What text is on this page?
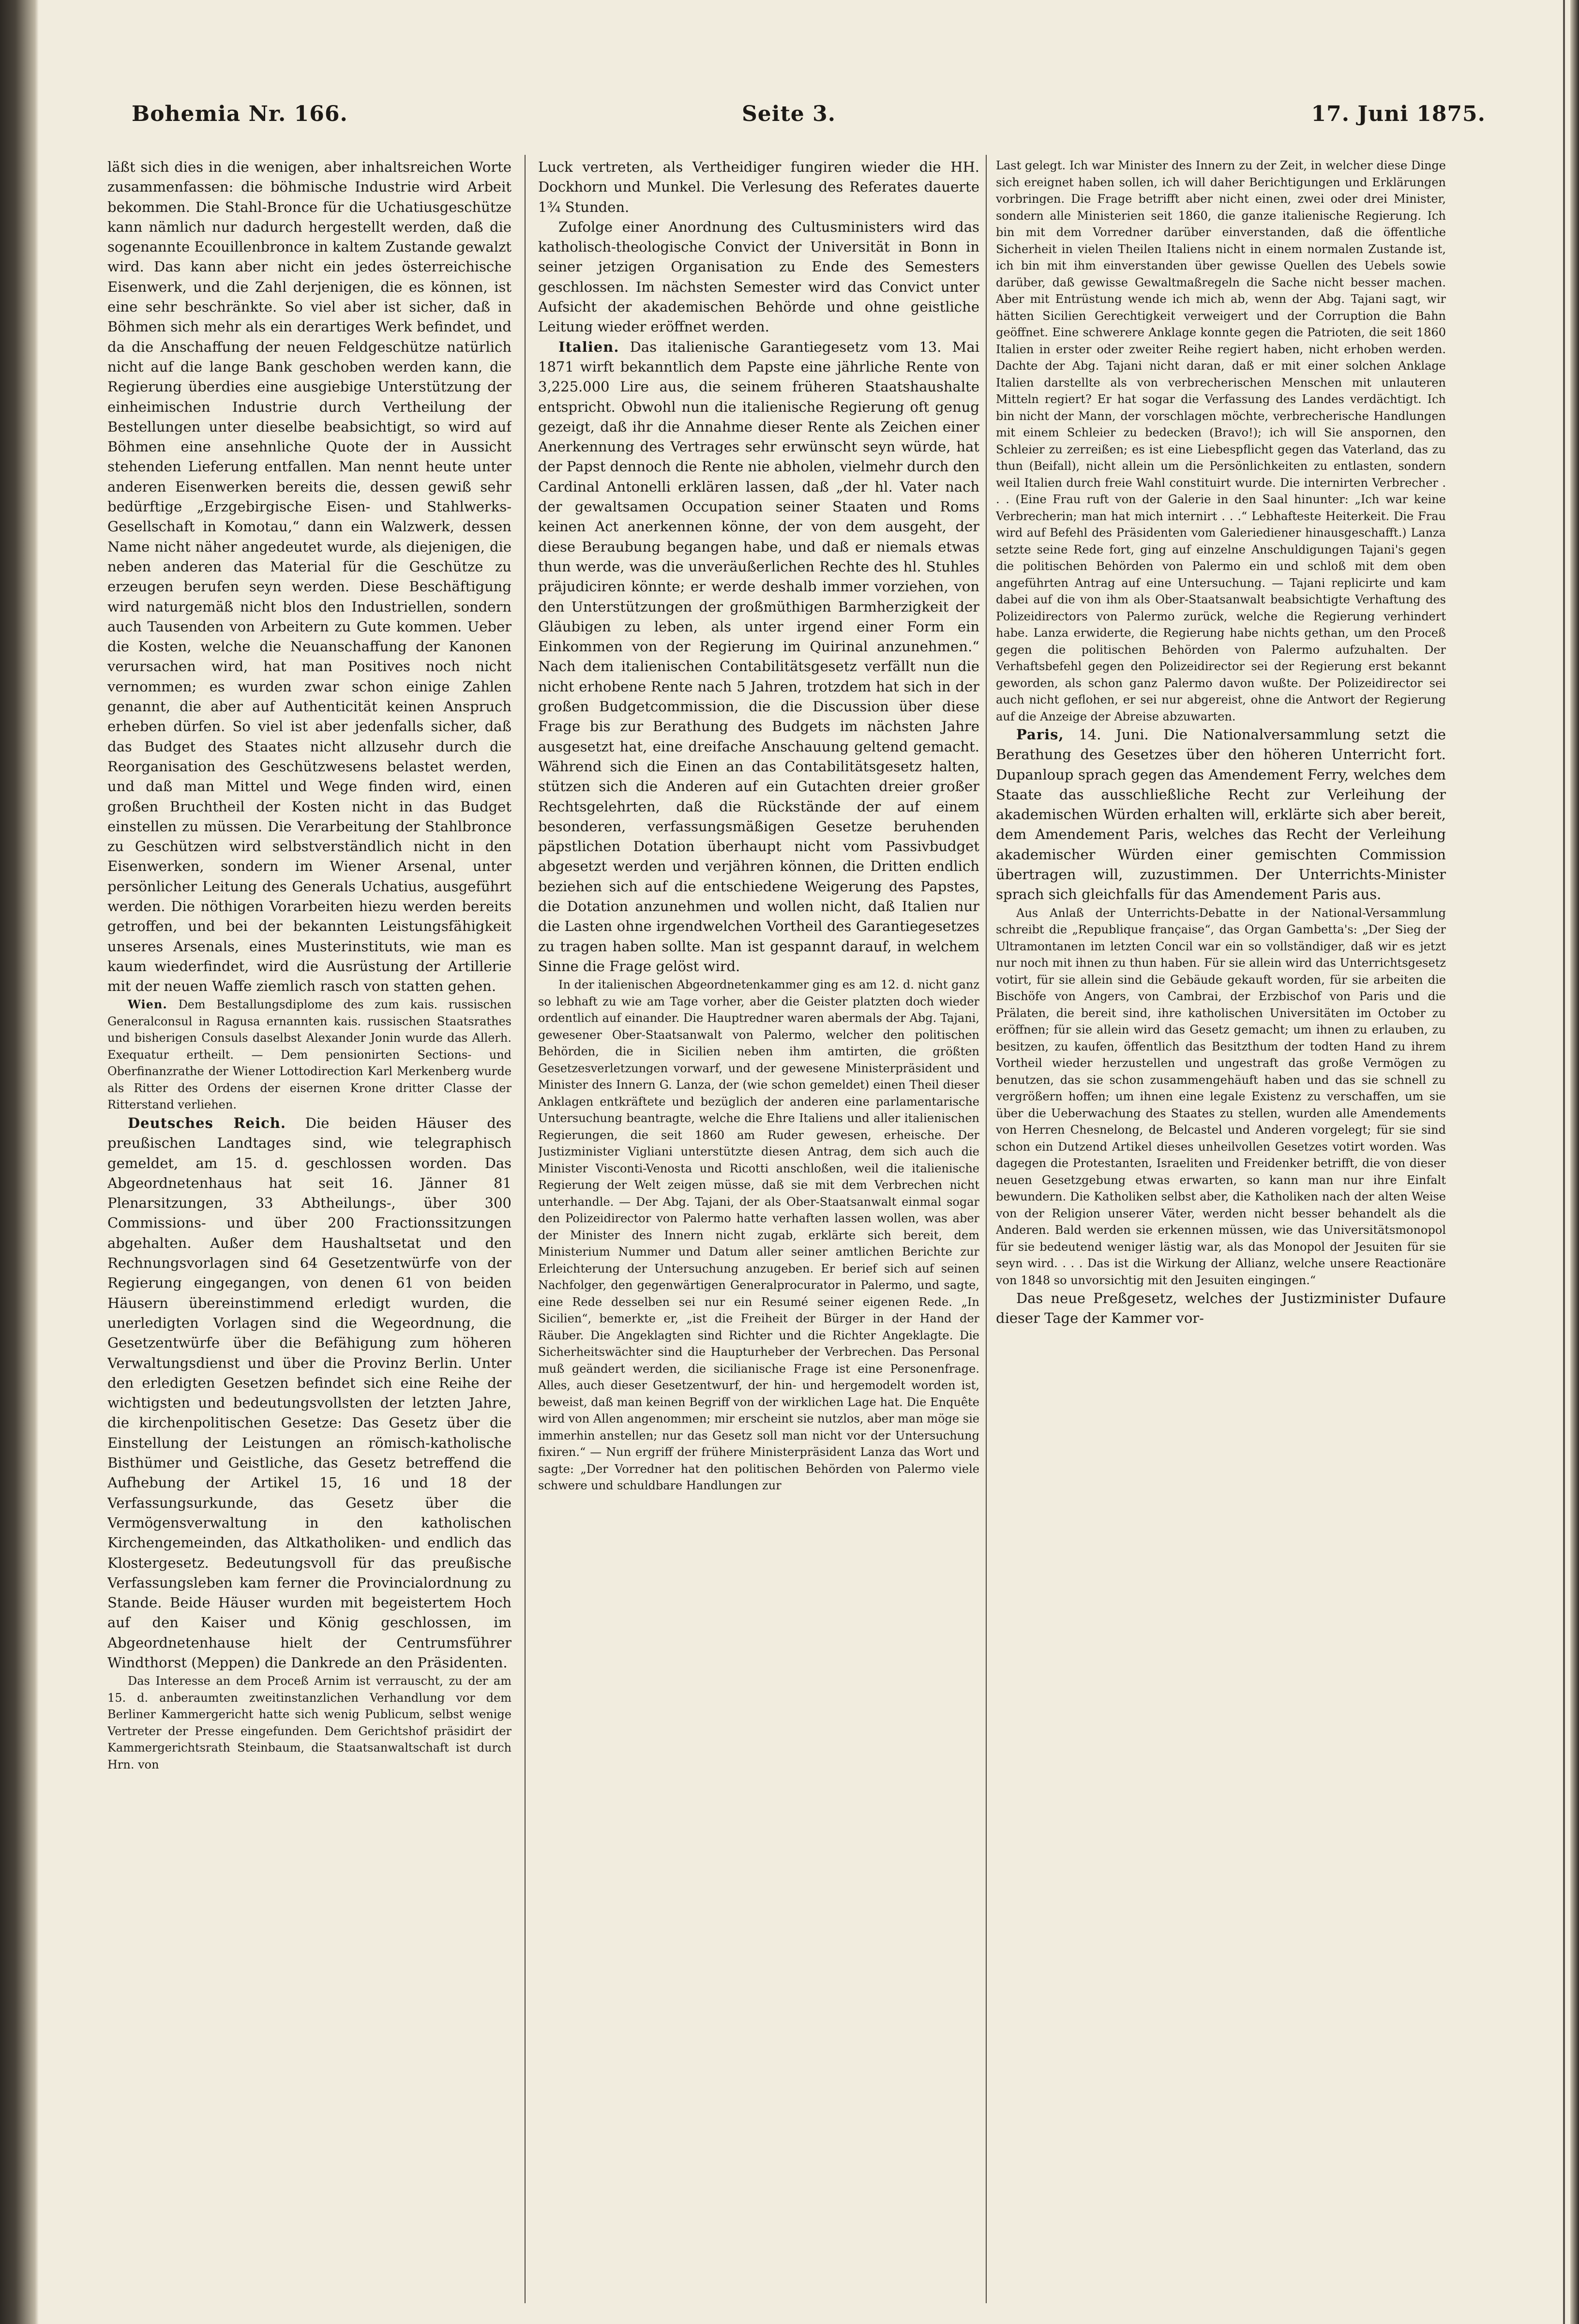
Bohemia Nr. 166.	Seite 3.	17. Juni 1875.

läßt sich dies in die wenigen, aber inhaltsreichen Worte zusammenfassen: die böhmische Industrie wird Arbeit bekommen. Die Stahl-Bronce für die Uchatiusgeschütze kann nämlich nur dadurch hergestellt werden, daß die sogenannte Ecouillenbronce in kaltem Zustande gewalzt wird. Das kann aber nicht ein jedes österreichische Eisenwerk, und die Zahl derjenigen, die es können, ist eine sehr beschränkte. So viel aber ist sicher, daß in Böhmen sich mehr als ein derartiges Werk befindet, und da die Anschaffung der neuen Feldgeschütze natürlich nicht auf die lange Bank geschoben werden kann, die Regierung überdies eine ausgiebige Unterstützung der einheimischen Industrie durch Vertheilung der Bestellungen unter dieselbe beabsichtigt, so wird auf Böhmen eine ansehnliche Quote der in Aussicht stehenden Lieferung entfallen. Man nennt heute unter anderen Eisenwerken bereits die, dessen gewiß sehr bedürftige „Erzgebirgische Eisen- und Stahlwerks-Gesellschaft in Komotau,“ dann ein Walzwerk, dessen Name nicht näher angedeutet wurde, als diejenigen, die neben anderen das Material für die Geschütze zu erzeugen berufen seyn werden. Diese Beschäftigung wird naturgemäß nicht blos den Industriellen, sondern auch Tausenden von Arbeitern zu Gute kommen. Ueber die Kosten, welche die Neuanschaffung der Kanonen verursachen wird, hat man Positives noch nicht vernommen; es wurden zwar schon einige Zahlen genannt, die aber auf Authenticität keinen Anspruch erheben dürfen. So viel ist aber jedenfalls sicher, daß das Budget des Staates nicht allzusehr durch die Reorganisation des Geschützwesens belastet werden, und daß man Mittel und Wege finden wird, einen großen Bruchtheil der Kosten nicht in das Budget einstellen zu müssen. Die Verarbeitung der Stahlbronce zu Geschützen wird selbstverständlich nicht in den Eisenwerken, sondern im Wiener Arsenal, unter persönlicher Leitung des Generals Uchatius, ausgeführt werden. Die nöthigen Vorarbeiten hiezu werden bereits getroffen, und bei der bekannten Leistungsfähigkeit unseres Arsenals, eines Musterinstituts, wie man es kaum wiederfindet, wird die Ausrüstung der Artillerie mit der neuen Waffe ziemlich rasch von statten gehen.

Wien. Dem Bestallungsdiplome des zum kais. russischen Generalconsul in Ragusa ernannten kais. russischen Staatsrathes und bisherigen Consuls daselbst Alexander Jonin wurde das Allerh. Exequatur ertheilt. — Dem pensionirten Sections- und Oberfinanzrathe der Wiener Lottodirection Karl Merkenberg wurde als Ritter des Ordens der eisernen Krone dritter Classe der Ritterstand verliehen.

Deutsches Reich. Die beiden Häuser des preußischen Landtages sind, wie telegraphisch gemeldet, am 15. d. geschlossen worden. Das Abgeordnetenhaus hat seit 16. Jänner 81 Plenarsitzungen, 33 Abtheilungs-, über 300 Commissions- und über 200 Fractionssitzungen abgehalten. Außer dem Haushaltsetat und den Rechnungsvorlagen sind 64 Gesetzentwürfe von der Regierung eingegangen, von denen 61 von beiden Häusern übereinstimmend erledigt wurden, die unerledigten Vorlagen sind die Wegeordnung, die Gesetzentwürfe über die Befähigung zum höheren Verwaltungsdienst und über die Provinz Berlin. Unter den erledigten Gesetzen befindet sich eine Reihe der wichtigsten und bedeutungsvollsten der letzten Jahre, die kirchenpolitischen Gesetze: Das Gesetz über die Einstellung der Leistungen an römisch-katholische Bisthümer und Geistliche, das Gesetz betreffend die Aufhebung der Artikel 15, 16 und 18 der Verfassungsurkunde, das Gesetz über die Vermögensverwaltung in den katholischen Kirchengemeinden, das Altkatholiken- und endlich das Klostergesetz. Bedeutungsvoll für das preußische Verfassungsleben kam ferner die Provincialordnung zu Stande. Beide Häuser wurden mit begeistertem Hoch auf den Kaiser und König geschlossen, im Abgeordnetenhause hielt der Centrumsführer Windthorst (Meppen) die Dankrede an den Präsidenten.

Das Interesse an dem Proceß Arnim ist verrauscht, zu der am 15. d. anberaumten zweitinstanzlichen Verhandlung vor dem Berliner Kammergericht hatte sich wenig Publicum, selbst wenige Vertreter der Presse eingefunden. Dem Gerichtshof präsidirt der Kammergerichtsrath Steinbaum, die Staatsanwaltschaft ist durch Hrn. von

Luck vertreten, als Vertheidiger fungiren wieder die HH. Dockhorn und Munkel. Die Verlesung des Referates dauerte 1¾ Stunden.

Zufolge einer Anordnung des Cultusministers wird das katholisch-theologische Convict der Universität in Bonn in seiner jetzigen Organisation zu Ende des Semesters geschlossen. Im nächsten Semester wird das Convict unter Aufsicht der akademischen Behörde und ohne geistliche Leitung wieder eröffnet werden.

Italien. Das italienische Garantiegesetz vom 13. Mai 1871 wirft bekanntlich dem Papste eine jährliche Rente von 3,225.000 Lire aus, die seinem früheren Staatshaushalte entspricht. Obwohl nun die italienische Regierung oft genug gezeigt, daß ihr die Annahme dieser Rente als Zeichen einer Anerkennung des Vertrages sehr erwünscht seyn würde, hat der Papst dennoch die Rente nie abholen, vielmehr durch den Cardinal Antonelli erklären lassen, daß „der hl. Vater nach der gewaltsamen Occupation seiner Staaten und Roms keinen Act anerkennen könne, der von dem ausgeht, der diese Beraubung begangen habe, und daß er niemals etwas thun werde, was die unveräußerlichen Rechte des hl. Stuhles präjudiciren könnte; er werde deshalb immer vorziehen, von den Unterstützungen der großmüthigen Barmherzigkeit der Gläubigen zu leben, als unter irgend einer Form ein Einkommen von der Regierung im Quirinal anzunehmen.“ Nach dem italienischen Contabilitätsgesetz verfällt nun die nicht erhobene Rente nach 5 Jahren, trotzdem hat sich in der großen Budgetcommission, die die Discussion über diese Frage bis zur Berathung des Budgets im nächsten Jahre ausgesetzt hat, eine dreifache Anschauung geltend gemacht. Während sich die Einen an das Contabilitätsgesetz halten, stützen sich die Anderen auf ein Gutachten dreier großer Rechtsgelehrten, daß die Rückstände der auf einem besonderen, verfassungsmäßigen Gesetze beruhenden päpstlichen Dotation überhaupt nicht vom Passivbudget abgesetzt werden und verjähren können, die Dritten endlich beziehen sich auf die entschiedene Weigerung des Papstes, die Dotation anzunehmen und wollen nicht, daß Italien nur die Lasten ohne irgendwelchen Vortheil des Garantiegesetzes zu tragen haben sollte. Man ist gespannt darauf, in welchem Sinne die Frage gelöst wird.

In der italienischen Abgeordnetenkammer ging es am 12. d. nicht ganz so lebhaft zu wie am Tage vorher, aber die Geister platzten doch wieder ordentlich auf einander. Die Hauptredner waren abermals der Abg. Tajani, gewesener Ober-Staatsanwalt von Palermo, welcher den politischen Behörden, die in Sicilien neben ihm amtirten, die größten Gesetzesverletzungen vorwarf, und der gewesene Ministerpräsident und Minister des Innern G. Lanza, der (wie schon gemeldet) einen Theil dieser Anklagen entkräftete und bezüglich der anderen eine parlamentarische Untersuchung beantragte, welche die Ehre Italiens und aller italienischen Regierungen, die seit 1860 am Ruder gewesen, erheische. Der Justizminister Vigliani unterstützte diesen Antrag, dem sich auch die Minister Visconti-Venosta und Ricotti anschloßen, weil die italienische Regierung der Welt zeigen müsse, daß sie mit dem Verbrechen nicht unterhandle. — Der Abg. Tajani, der als Ober-Staatsanwalt einmal sogar den Polizeidirector von Palermo hatte verhaften lassen wollen, was aber der Minister des Innern nicht zugab, erklärte sich bereit, dem Ministerium Nummer und Datum aller seiner amtlichen Berichte zur Erleichterung der Untersuchung anzugeben. Er berief sich auf seinen Nachfolger, den gegenwärtigen Generalprocurator in Palermo, und sagte, eine Rede desselben sei nur ein Resumé seiner eigenen Rede. „In Sicilien“, bemerkte er, „ist die Freiheit der Bürger in der Hand der Räuber. Die Angeklagten sind Richter und die Richter Angeklagte. Die Sicherheitswächter sind die Haupturheber der Verbrechen. Das Personal muß geändert werden, die sicilianische Frage ist eine Personenfrage. Alles, auch dieser Gesetzentwurf, der hin- und hergemodelt worden ist, beweist, daß man keinen Begriff von der wirklichen Lage hat. Die Enquête wird von Allen angenommen; mir erscheint sie nutzlos, aber man möge sie immerhin anstellen; nur das Gesetz soll man nicht vor der Untersuchung fixiren.“ — Nun ergriff der frühere Ministerpräsident Lanza das Wort und sagte: „Der Vorredner hat den politischen Behörden von Palermo viele schwere und schuldbare Handlungen zur

Last gelegt. Ich war Minister des Innern zu der Zeit, in welcher diese Dinge sich ereignet haben sollen, ich will daher Berichtigungen und Erklärungen vorbringen. Die Frage betrifft aber nicht einen, zwei oder drei Minister, sondern alle Ministerien seit 1860, die ganze italienische Regierung. Ich bin mit dem Vorredner darüber einverstanden, daß die öffentliche Sicherheit in vielen Theilen Italiens nicht in einem normalen Zustande ist, ich bin mit ihm einverstanden über gewisse Quellen des Uebels sowie darüber, daß gewisse Gewaltmaßregeln die Sache nicht besser machen. Aber mit Entrüstung wende ich mich ab, wenn der Abg. Tajani sagt, wir hätten Sicilien Gerechtigkeit verweigert und der Corruption die Bahn geöffnet. Eine schwerere Anklage konnte gegen die Patrioten, die seit 1860 Italien in erster oder zweiter Reihe regiert haben, nicht erhoben werden. Dachte der Abg. Tajani nicht daran, daß er mit einer solchen Anklage Italien darstellte als von verbrecherischen Menschen mit unlauteren Mitteln regiert? Er hat sogar die Verfassung des Landes verdächtigt. Ich bin nicht der Mann, der vorschlagen möchte, verbrecherische Handlungen mit einem Schleier zu bedecken (Bravo!); ich will Sie anspornen, den Schleier zu zerreißen; es ist eine Liebespflicht gegen das Vaterland, das zu thun (Beifall), nicht allein um die Persönlichkeiten zu entlasten, sondern weil Italien durch freie Wahl constituirt wurde. Die internirten Verbrecher . . . (Eine Frau ruft von der Galerie in den Saal hinunter: „Ich war keine Verbrecherin; man hat mich internirt . . .“ Lebhafteste Heiterkeit. Die Frau wird auf Befehl des Präsidenten vom Galeriediener hinausgeschafft.) Lanza setzte seine Rede fort, ging auf einzelne Anschuldigungen Tajani's gegen die politischen Behörden von Palermo ein und schloß mit dem oben angeführten Antrag auf eine Untersuchung. — Tajani replicirte und kam dabei auf die von ihm als Ober-Staatsanwalt beabsichtigte Verhaftung des Polizeidirectors von Palermo zurück, welche die Regierung verhindert habe. Lanza erwiderte, die Regierung habe nichts gethan, um den Proceß gegen die politischen Behörden von Palermo aufzuhalten. Der Verhaftsbefehl gegen den Polizeidirector sei der Regierung erst bekannt geworden, als schon ganz Palermo davon wußte. Der Polizeidirector sei auch nicht geflohen, er sei nur abgereist, ohne die Antwort der Regierung auf die Anzeige der Abreise abzuwarten.

Paris, 14. Juni. Die Nationalversammlung setzt die Berathung des Gesetzes über den höheren Unterricht fort. Dupanloup sprach gegen das Amendement Ferry, welches dem Staate das ausschließliche Recht zur Verleihung der akademischen Würden erhalten will, erklärte sich aber bereit, dem Amendement Paris, welches das Recht der Verleihung akademischer Würden einer gemischten Commission übertragen will, zuzustimmen. Der Unterrichts-Minister sprach sich gleichfalls für das Amendement Paris aus.

Aus Anlaß der Unterrichts-Debatte in der National-Versammlung schreibt die „Republique française“, das Organ Gambetta's: „Der Sieg der Ultramontanen im letzten Concil war ein so vollständiger, daß wir es jetzt nur noch mit ihnen zu thun haben. Für sie allein wird das Unterrichtsgesetz votirt, für sie allein sind die Gebäude gekauft worden, für sie arbeiten die Bischöfe von Angers, von Cambrai, der Erzbischof von Paris und die Prälaten, die bereit sind, ihre katholischen Universitäten im October zu eröffnen; für sie allein wird das Gesetz gemacht; um ihnen zu erlauben, zu besitzen, zu kaufen, öffentlich das Besitzthum der todten Hand zu ihrem Vortheil wieder herzustellen und ungestraft das große Vermögen zu benutzen, das sie schon zusammengehäuft haben und das sie schnell zu vergrößern hoffen; um ihnen eine legale Existenz zu verschaffen, um sie über die Ueberwachung des Staates zu stellen, wurden alle Amendements von Herren Chesnelong, de Belcastel und Anderen vorgelegt; für sie sind schon ein Dutzend Artikel dieses unheilvollen Gesetzes votirt worden. Was dagegen die Protestanten, Israeliten und Freidenker betrifft, die von dieser neuen Gesetzgebung etwas erwarten, so kann man nur ihre Einfalt bewundern. Die Katholiken selbst aber, die Katholiken nach der alten Weise von der Religion unserer Väter, werden nicht besser behandelt als die Anderen. Bald werden sie erkennen müssen, wie das Universitätsmonopol für sie bedeutend weniger lästig war, als das Monopol der Jesuiten für sie seyn wird. . . . Das ist die Wirkung der Allianz, welche unsere Reactionäre von 1848 so unvorsichtig mit den Jesuiten eingingen.“

Das neue Preßgesetz, welches der Justizminister Dufaure dieser Tage der Kammer vor-
